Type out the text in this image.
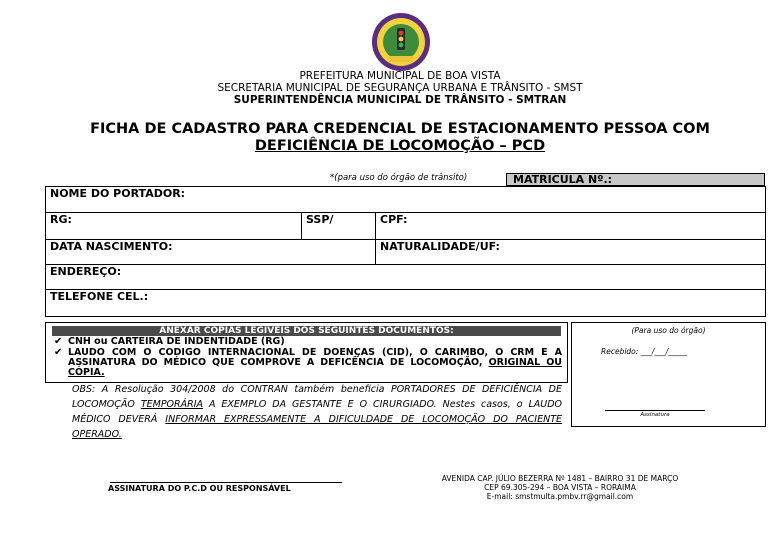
PREFEITURA MUNICIPAL DE BOA VISTA
SECRETARIA MUNICIPAL DE SEGURANÇA URBANA E TRÂNSITO - SMST
SUPERINTENDÊNCIA MUNICIPAL DE TRÂNSITO - SMTRAN
FICHA DE CADASTRO PARA CREDENCIAL DE ESTACIONAMENTO PESSOA COM
DEFICIÊNCIA DE LOCOMOÇÃO – PCD
*(para uso do órgão de trânsito)	MATRICULA Nº.:
NOME DO PORTADOR:
RG:	SSP/	CPF:
DATA NASCIMENTO:	NATURALIDADE/UF:
ENDEREÇO:
TELEFONE CEL.:
ANEXAR COPIAS LEGIVEIS DOS SEGUINTES DOCUMENTOS:
✔ CNH ou CARTEIRA DE INDENTIDADE (RG)
✔ LAUDO COM O CODIGO INTERNACIONAL DE DOENÇAS (CID), O CARIMBO, O CRM E A ASSINATURA DO MÉDICO QUE COMPROVE A DEFICÊNCIA DE LOCOMOÇÃO, ORIGINAL OU CÓPIA.
OBS: A Resolução 304/2008 do CONTRAN também beneficia PORTADORES DE DEFICIÊNCIA DE LOCOMOÇÃO TEMPORÁRIA A EXEMPLO DA GESTANTE E O CIRURGIADO. Nestes casos, o LAUDO MÉDICO DEVERÁ INFORMAR EXPRESSAMENTE A DIFICULDADE DE LOCOMOÇÃO DO PACIENTE OPERADO.
(Para uso do órgão)
Recebido: ___/___/_____
Assinatura
ASSINATURA DO P.C.D OU RESPONSÁVEL
AVENIDA CAP. JÚLIO BEZERRA Nº 1481 – BAIRRO 31 DE MARÇO
CEP 69.305-294 – BOA VISTA – RORAIMA
E-mail: smstmulta.pmbv.rr@gmail.com
